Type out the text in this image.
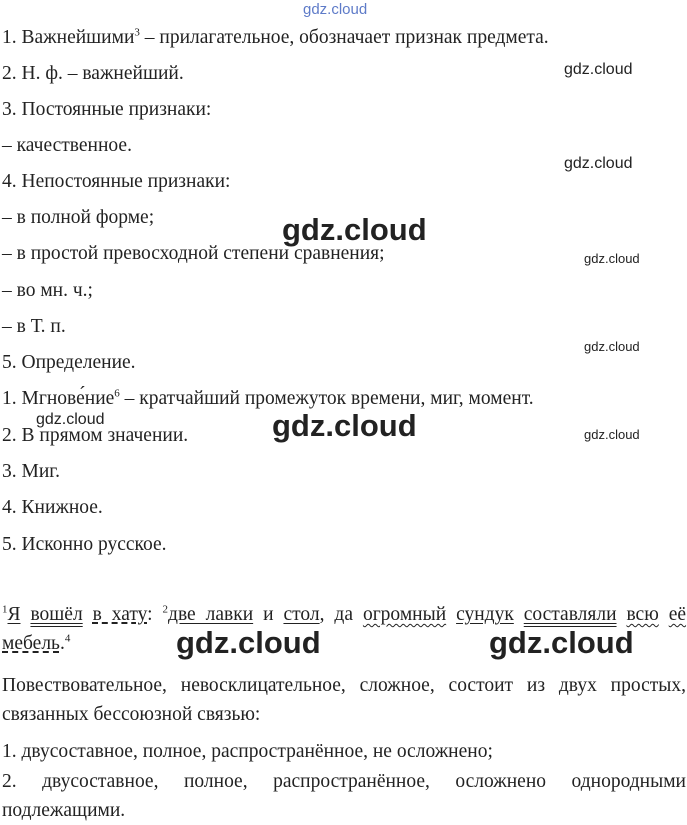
gdz.cloud
gdz.cloud
gdz.cloud
gdz.cloud
gdz.cloud
gdz.cloud
gdz.cloud	gdz.cloud	gdz.cloud
gdz.cloud	gdz.cloud
1. Важнейшими$^3$ – прилагательное, обозначает признак предмета.
2. Н. ф. – важнейший.
3. Постоянные признаки:
– качественное.
4. Непостоянные признаки:
– в полной форме;
– в простой превосходной степени сравнения;
– во мн. ч.;
– в Т. п.
5. Определение.
1. Мгнове́ние$^6$ – кратчайший промежуток времени, миг, момент.
2. В прямом значении.
3. Миг.
4. Книжное.
5. Исконно русское.
$^1$Я вошёл в хату: $^2$две лавки и стол, да огромный сундук составляли всю её мебель.$^4$
Повествовательное, невосклицательное, сложное, состоит из двух простых, связанных бессоюзной связью:
1. двусоставное, полное, распространённое, не осложнено;
2. двусоставное, полное, распространённое, осложнено однородными подлежащими.
